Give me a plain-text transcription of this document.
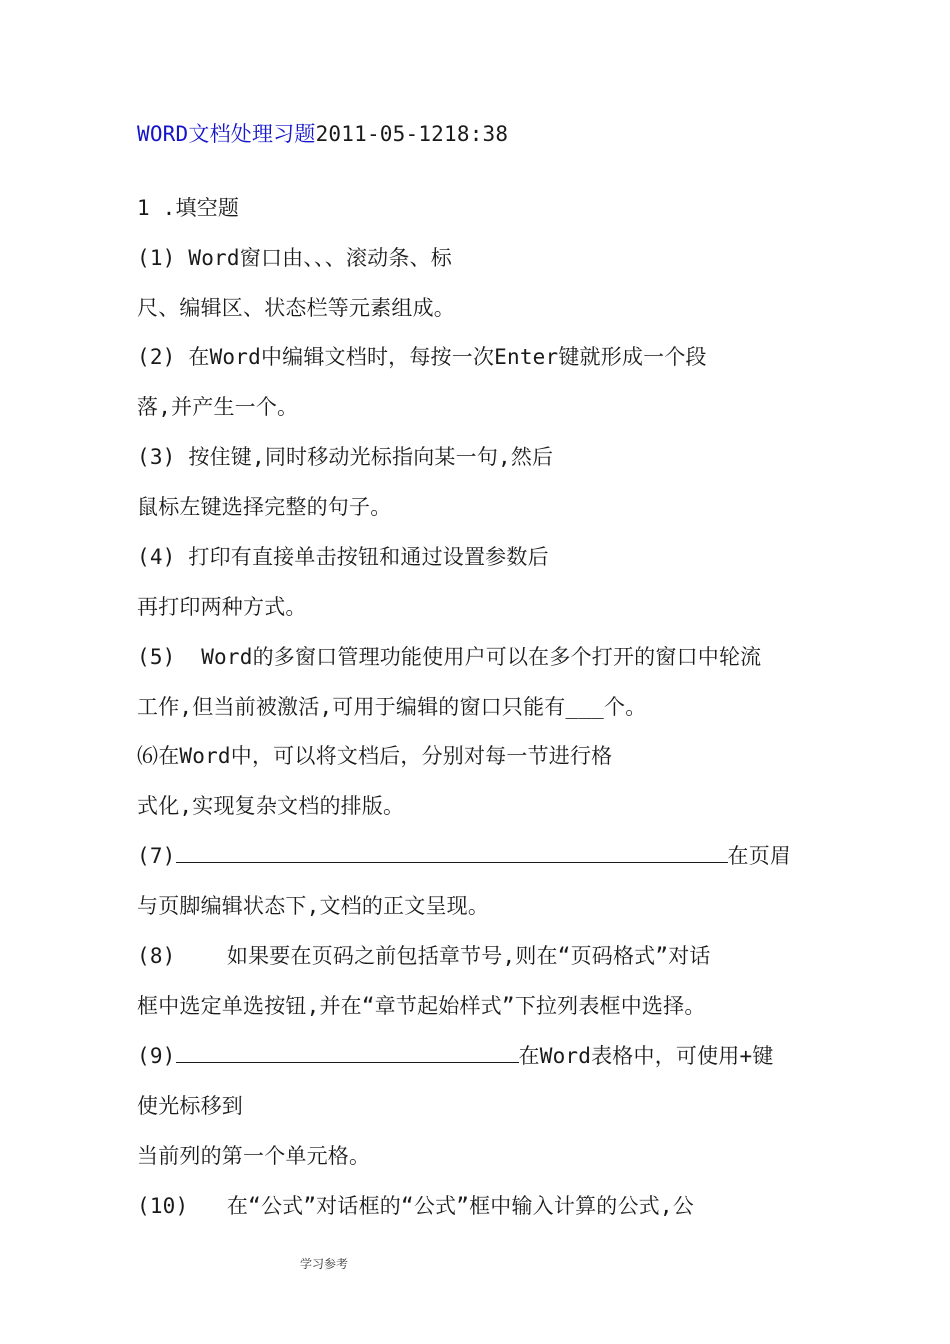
WORD文档处理习题2011-05-1218:38
1 .填空题
(1) Word窗口由、、、滚动条、标
尺、编辑区、状态栏等元素组成。
(2) 在Word中编辑文档时，每按一次Enter键就形成一个段
落,并产生一个。
(3) 按住键,同时移动光标指向某一句,然后
鼠标左键选择完整的句子。
(4) 打印有直接单击按钮和通过设置参数后
再打印两种方式。
(5)  Word的多窗口管理功能使用户可以在多个打开的窗口中轮流
工作,但当前被激活,可用于编辑的窗口只能有___个。
⑹在Word中，可以将文档后，分别对每一节进行格
式化,实现复杂文档的排版。
(7)	在页眉
与页脚编辑状态下,文档的正文呈现。
(8)    如果要在页码之前包括章节号,则在“页码格式”对话
框中选定单选按钮,并在“章节起始样式”下拉列表框中选择。
(9)	在Word表格中，可使用+键
使光标移到
当前列的第一个单元格。
(10)   在“公式”对话框的“公式”框中输入计算的公式,公
学习参考
